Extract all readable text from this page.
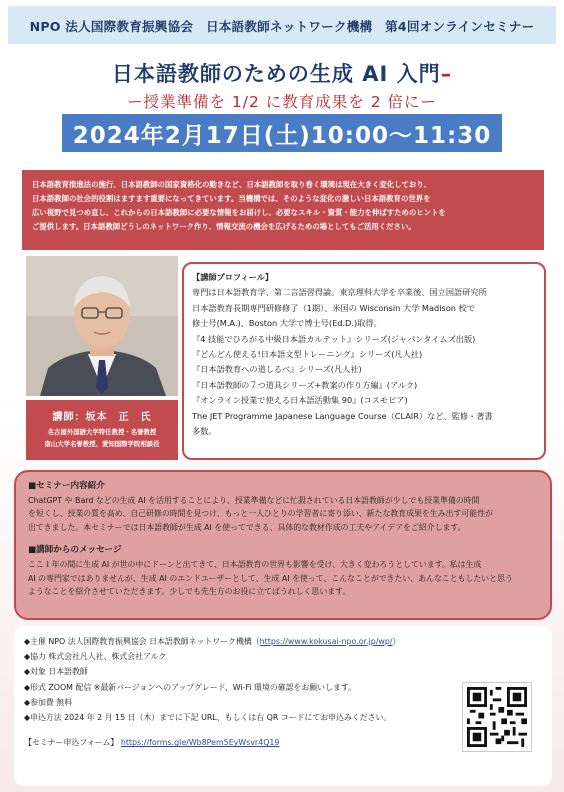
NPO 法人国際教育振興協会　日本語教師ネットワーク機構　第4回オンラインセミナー
日本語教師のための生成 AI 入門–
ー授業準備を 1/2 に教育成果を 2 倍にー
2024年2月17日(土)10:00〜11:30
日本語教育推進法の施行、日本語教師の国家資格化の動きなど、日本語教師を取り巻く環境は現在大きく変化しており、
日本語教師の社会的役割はますます重要になってきています。当機構では、そのような変化の激しい日本語教育の世界を
広い視野で見つめ直し、これからの日本語教師に必要な情報をお届けし、必要なスキル・資質・能力を伸ばすためのヒントを
ご提供します。日本語教師どうしのネットワーク作り、情報交流の機会を広げるための場としてもご活用ください。
講師：坂本　正　氏
名古屋外国語大学特任教授・名誉教授
南山大学名誉教授、愛知国際学院相談役
【講師プロフィール】
専門は日本語教育学、第二言語習得論。東京理科大学を卒業後、国立国語研究所
日本語教育長期専門研修修了（1期）、米国の Wisconsin 大学 Madison 校で
修士号(M.A.)、Boston 大学で博士号(Ed.D.)取得。
『4 技能でひろがる中級日本語カルテット』シリーズ(ジャパンタイムズ出版)
『どんどん使える!日本語文型トレーニング』シリーズ(凡人社)
『日本語教育への道しるべ』シリーズ(凡人社)
『日本語教師の７つ道具シリーズ+教案の作り方編』(アルク)
『オンライン授業で使える日本語活動集 90』(コスモピア)
The JET Programme Japanese Language Course（CLAIR）など、監修・著書
多数。
■セミナー内容紹介
ChatGPT や Bard などの生成 AI を活用することにより、授業準備などに忙殺されている日本語教師が少しでも授業準備の時間
を短くし、授業の質を高め、自己研修の時間を見つけ、もっと一人ひとりの学習者に寄り添い、新たな教育成果を生み出す可能性が
出てきました。本セミナーでは日本語教師が生成 AI を使ってできる、具体的な教材作成の工夫やアイデアをご紹介します。
■講師からのメッセージ
ここ１年の間に生成 AI が世の中にドーンと出てきて、日本語教育の世界も影響を受け、大きく変わろうとしています。私は生成
AI の専門家ではありませんが、生成 AI のエンドユーザーとして、生成 AI を使って、こんなことができたい、あんなこともしたいと思う
ようなことを紹介させていただきます。少しでも先生方のお役に立てばうれしく思います。
◆主催 NPO 法人国際教育振興協会 日本語教師ネットワーク機構（https://www.kokusai-npo.or.jp/wp/）
◆協力 株式会社凡人社、株式会社アルク
◆対象 日本語教師
◆形式 ZOOM 配信 ※最新バージョンへのアップグレード、Wi-Fi 環境の確認をお願いします。
◆参加費 無料
◆申込方法 2024 年 2 月 15 日（木）までに下記 URL、もしくは右 QR コードにてお申込みください。
【セミナー申込フォーム】 https://forms.gle/Wb8Pem5EyWsvr4Q19
